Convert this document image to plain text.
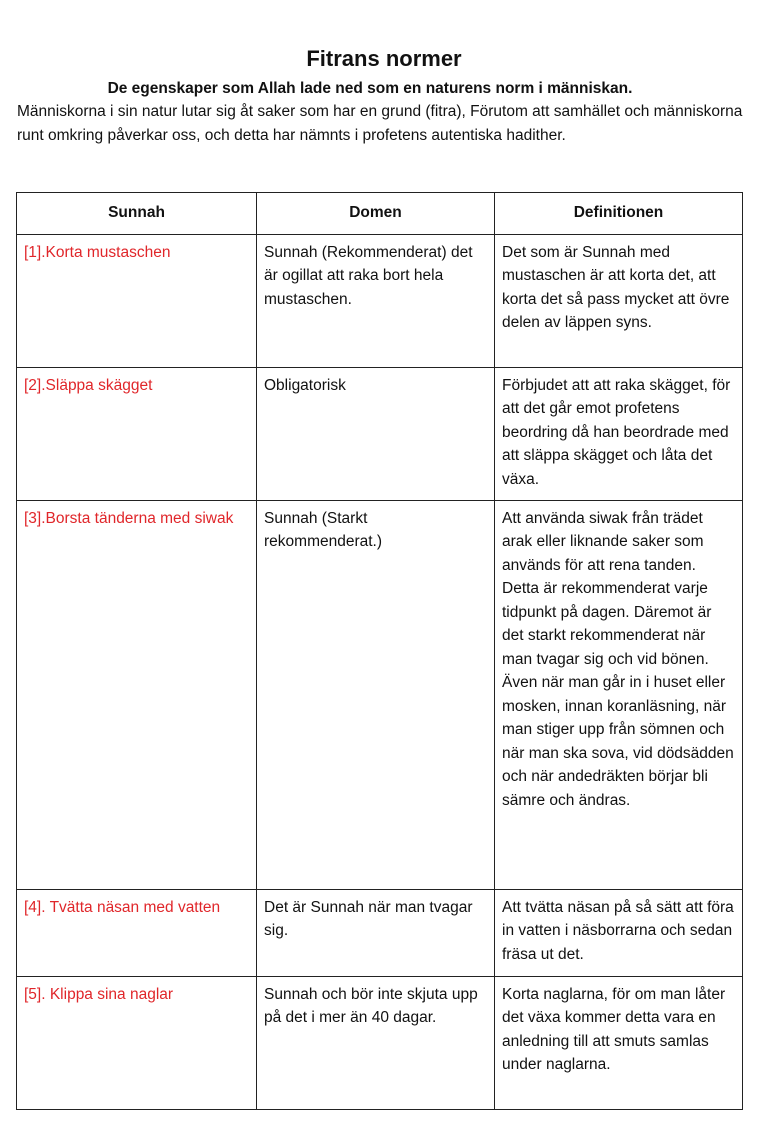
Fitrans normer
De egenskaper som Allah lade ned som en naturens norm i människan.
Människorna i sin natur lutar sig åt saker som har en grund (fitra), Förutom att samhället och människorna runt omkring påverkar oss, och detta har nämnts i profetens autentiska hadither.
Sunnah	Domen	Definitionen
[1].Korta mustaschen	Sunnah (Rekommenderat) det är ogillat att raka bort hela mustaschen.	Det som är Sunnah med mustaschen är att korta det, att korta det så pass mycket att övre delen av läppen syns.
[2].Släppa skägget	Obligatorisk	Förbjudet att att raka skägget, för att det går emot profetens beordring då han beordrade med att släppa skägget och låta det växa.
[3].Borsta tänderna med siwak	Sunnah (Starkt rekommenderat.)	Att använda siwak från trädet arak eller liknande saker som används för att rena tanden. Detta är rekommenderat varje tidpunkt på dagen. Däremot är det starkt rekommenderat när man tvagar sig och vid bönen. Även när man går in i huset eller mosken, innan koranläsning, när man stiger upp från sömnen och när man ska sova, vid dödsädden och när andedräkten börjar bli sämre och ändras.
[4]. Tvätta näsan med vatten	Det är Sunnah när man tvagar sig.	Att tvätta näsan på så sätt att föra in vatten i näsborrarna och sedan fräsa ut det.
[5]. Klippa sina naglar	Sunnah och bör inte skjuta upp på det i mer än 40 dagar.	Korta naglarna, för om man låter det växa kommer detta vara en anledning till att smuts samlas under naglarna.
